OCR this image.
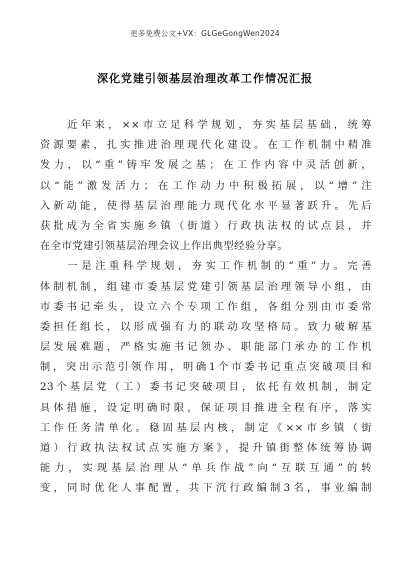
更多免费公文+VX：GLGeGongWen2024
深化党建引领基层治理改革工作情况汇报
　　近年来，××市立足科学规划，夯实基层基础，统筹
资源要素，扎实推进治理现代化建设。在工作机制中精准
发力，以“重”铸牢发展之基；在工作内容中灵活创新，
以“能”激发活力；在工作动力中积极拓展，以“增”注
入新动能，使得基层治理能力现代化水平显著跃升。先后
获批成为全省实施乡镇（街道）行政执法权的试点县，并
在全市党建引领基层治理会议上作出典型经验分享。
　　一是注重科学规划，夯实工作机制的“重”力。完善
体制机制，组建市委基层党建引领基层治理领导小组，由
市委书记牵头，设立六个专项工作组，各组分别由市委常
委担任组长，以形成强有力的联动攻坚格局。致力破解基
层发展难题，严格实施书记领办、职能部门承办的工作机
制，突出示范引领作用，明确1个市委书记重点突破项目和
23个基层党（工）委书记突破项目，依托有效机制，制定
具体措施，设定明确时限，保证项目推进全程有序，落实
工作任务清单化。稳固基层内核，制定《××市乡镇（街
道）行政执法权试点实施方案》，提升镇街整体统筹协调
能力，实现基层治理从“单兵作战”向“互联互通”的转
变，同时优化人事配置，共下沉行政编制3名，事业编制
